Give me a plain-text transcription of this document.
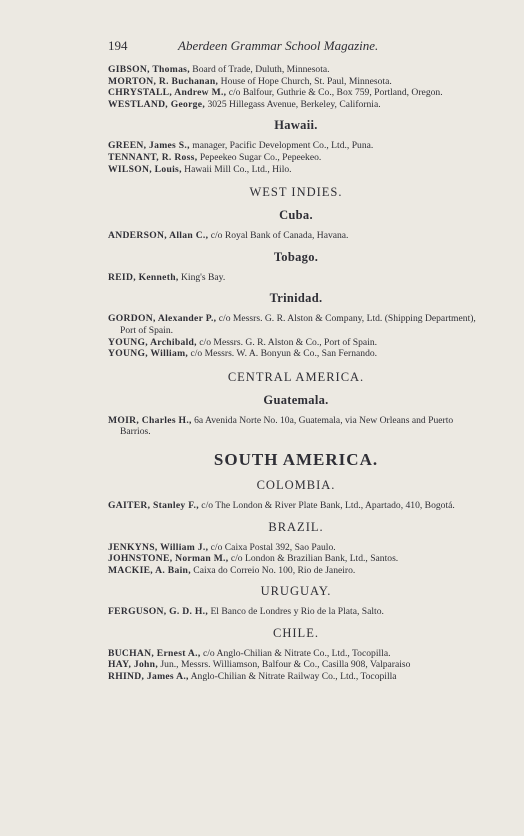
194	Aberdeen Grammar School Magazine.

GIBSON, Thomas, Board of Trade, Duluth, Minnesota.

MORTON, R. Buchanan, House of Hope Church, St. Paul, Minnesota.

CHRYSTALL, Andrew M., c/o Balfour, Guthrie & Co., Box 759, Portland, Oregon.

WESTLAND, George, 3025 Hillegass Avenue, Berkeley, California.

Hawaii.

GREEN, James S., manager, Pacific Development Co., Ltd., Puna.

TENNANT, R. Ross, Pepeekeo Sugar Co., Pepeekeo.

WILSON, Louis, Hawaii Mill Co., Ltd., Hilo.

WEST INDIES.
Cuba.

ANDERSON, Allan C., c/o Royal Bank of Canada, Havana.

Tobago.

REID, Kenneth, King's Bay.

Trinidad.

GORDON, Alexander P., c/o Messrs. G. R. Alston & Company, Ltd. (Shipping Department), Port of Spain.

YOUNG, Archibald, c/o Messrs. G. R. Alston & Co., Port of Spain.

YOUNG, William, c/o Messrs. W. A. Bonyun & Co., San Fernando.

CENTRAL AMERICA.
Guatemala.

MOIR, Charles H., 6a Avenida Norte No. 10a, Guatemala, via New Orleans and Puerto Barrios.

SOUTH AMERICA.
COLOMBIA.

GAITER, Stanley F., c/o The London & River Plate Bank, Ltd., Apartado, 410, Bogotá.

BRAZIL.

JENKYNS, William J., c/o Caixa Postal 392, Sao Paulo.

JOHNSTONE, Norman M., c/o London & Brazilian Bank, Ltd., Santos.

MACKIE, A. Bain, Caixa do Correio No. 100, Rio de Janeiro.

URUGUAY.

FERGUSON, G. D. H., El Banco de Londres y Rio de la Plata, Salto.

CHILE.

BUCHAN, Ernest A., c/o Anglo-Chilian & Nitrate Co., Ltd., Tocopilla.

HAY, John, Jun., Messrs. Williamson, Balfour & Co., Casilla 908, Valparaiso

RHIND, James A., Anglo-Chilian & Nitrate Railway Co., Ltd., Tocopilla
